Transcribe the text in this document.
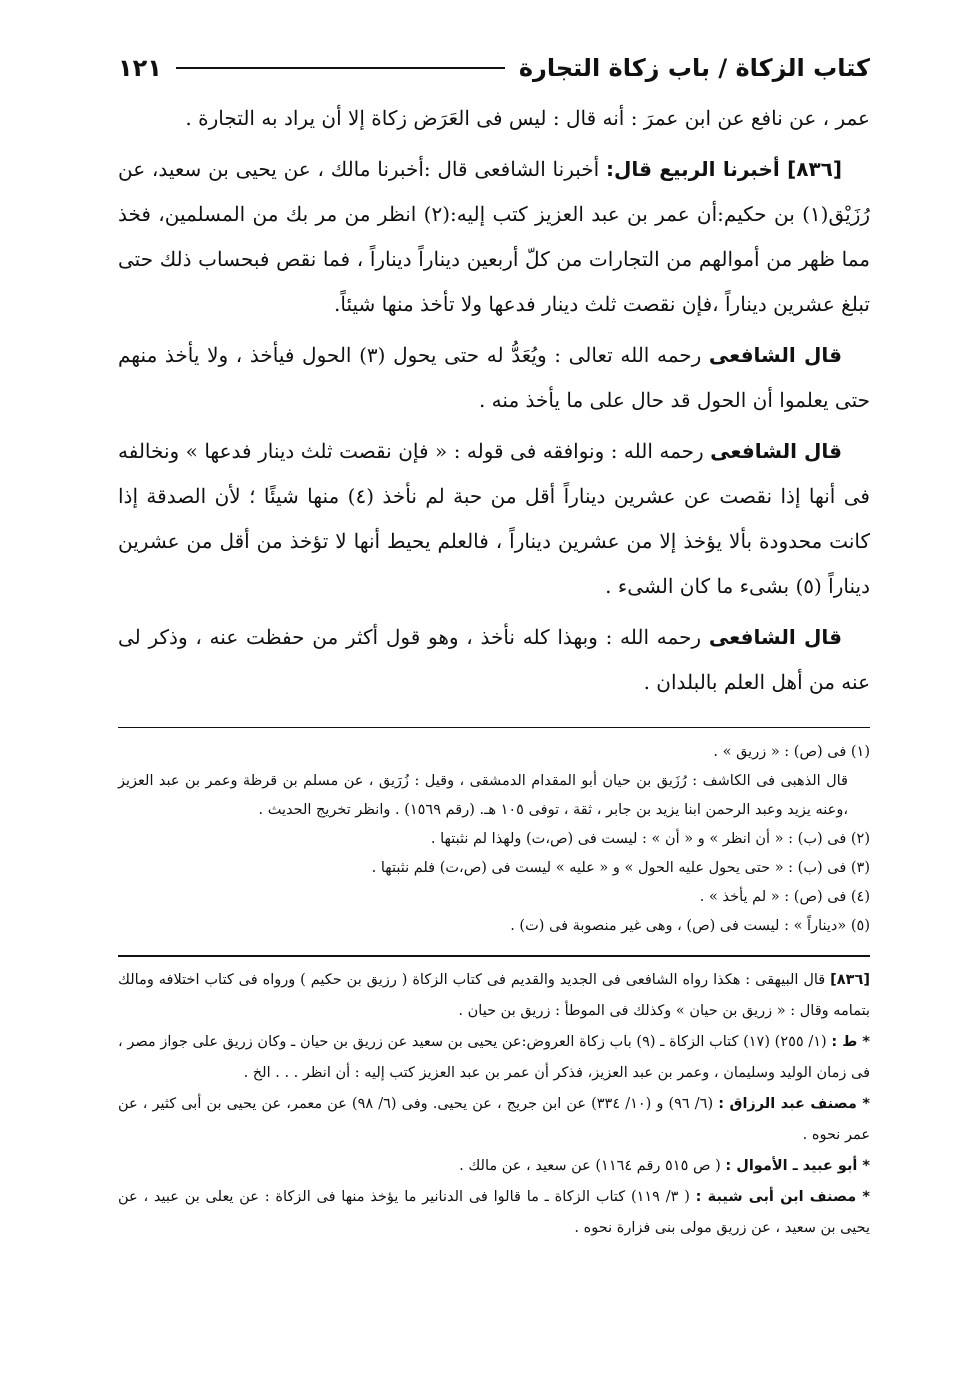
كتاب الزكاة / باب زكاة التجارة
١٢١

عمر ، عن نافع عن ابن عمرَ : أنه قال : ليس فى العَرَض زكاة إلا أن يراد به التجارة .

[٨٣٦] أخبرنا الربيع قال: أخبرنا الشافعى قال :أخبرنا مالك ، عن يحيى بن سعيد، عن رُزَيْق(١) بن حكيم:أن عمر بن عبد العزيز كتب إليه:(٢) انظر من مر بك من المسلمين، فخذ مما ظهر من أموالهم من التجارات من كلّ أربعين ديناراً ديناراً ، فما نقص فبحساب ذلك حتى تبلغ عشرين ديناراً ،فإن نقصت ثلث دينار فدعها ولا تأخذ منها شيئاً.

قال الشافعى رحمه الله تعالى : ويُعَدُّ له حتى يحول (٣) الحول فيأخذ ، ولا يأخذ منهم حتى يعلموا أن الحول قد حال على ما يأخذ منه .

قال الشافعى رحمه الله : ونوافقه فى قوله : « فإن نقصت ثلث دينار فدعها » ونخالفه فى أنها إذا نقصت عن عشرين ديناراً أقل من حبة لم نأخذ (٤) منها شيئًا ؛ لأن الصدقة إذا كانت محدودة بألا يؤخذ إلا من عشرين ديناراً ، فالعلم يحيط أنها لا تؤخذ من أقل من عشرين ديناراً (٥) بشىء ما كان الشىء .

قال الشافعى رحمه الله : وبهذا كله نأخذ ، وهو قول أكثر من حفظت عنه ، وذكر لى عنه من أهل العلم بالبلدان .

(١) فى (ص) : « زريق » .

قال الذهبى فى الكاشف : رُزَيق بن حيان أبو المقدام الدمشقى ، وقيل : زُرَيق ، عن مسلم بن قرظة وعمر بن عبد العزيز ،وعنه يزيد وعبد الرحمن ابنا يزيد بن جابر ، ثقة ، توفى ١٠٥ هـ. (رقم ١٥٦٩) . وانظر تخريج الحديث .

(٢) فى (ب) : « أن انظر » و « أن » : ليست فى (ص،ت) ولهذا لم نثبتها .

(٣) فى (ب) : « حتى يحول عليه الحول » و « عليه » ليست فى (ص،ت) فلم نثبتها .

(٤) فى (ص) : « لم يأخذ » .

(٥) «ديناراً » : ليست فى (ص) ، وهى غير منصوبة فى (ت) .

[٨٣٦] قال البيهقى : هكذا رواه الشافعى فى الجديد والقديم فى كتاب الزكاة ( رزيق بن حكيم ) ورواه فى كتاب اختلافه ومالك بتمامه وقال : « زريق بن حيان » وكذلك فى الموطأ : زريق بن حيان .

* ط : (١/ ٢٥٥) (١٧) كتاب الزكاة ـ (٩) باب زكاة العروض:عن يحيى بن سعيد عن زريق بن حيان ـ وكان زريق على جواز مصر ، فى زمان الوليد وسليمان ، وعمر بن عبد العزيز، فذكر أن عمر بن عبد العزيز كتب إليه : أن انظر . . . الخ .

* مصنف عبد الرزاق : (٦/ ٩٦) و (١٠/ ٣٣٤) عن ابن جريج ، عن يحيى. وفى (٦/ ٩٨) عن معمر، عن يحيى بن أبى كثير ، عن عمر نحوه .

* أبو عبيد ـ الأموال : ( ص ٥١٥ رقم ١١٦٤) عن سعيد ، عن مالك .

* مصنف ابن أبى شيبة : ( ٣/ ١١٩) كتاب الزكاة ـ ما قالوا فى الدنانير ما يؤخذ منها فى الزكاة : عن يعلى بن عبيد ، عن يحيى بن سعيد ، عن زريق مولى بنى فزارة نحوه .
